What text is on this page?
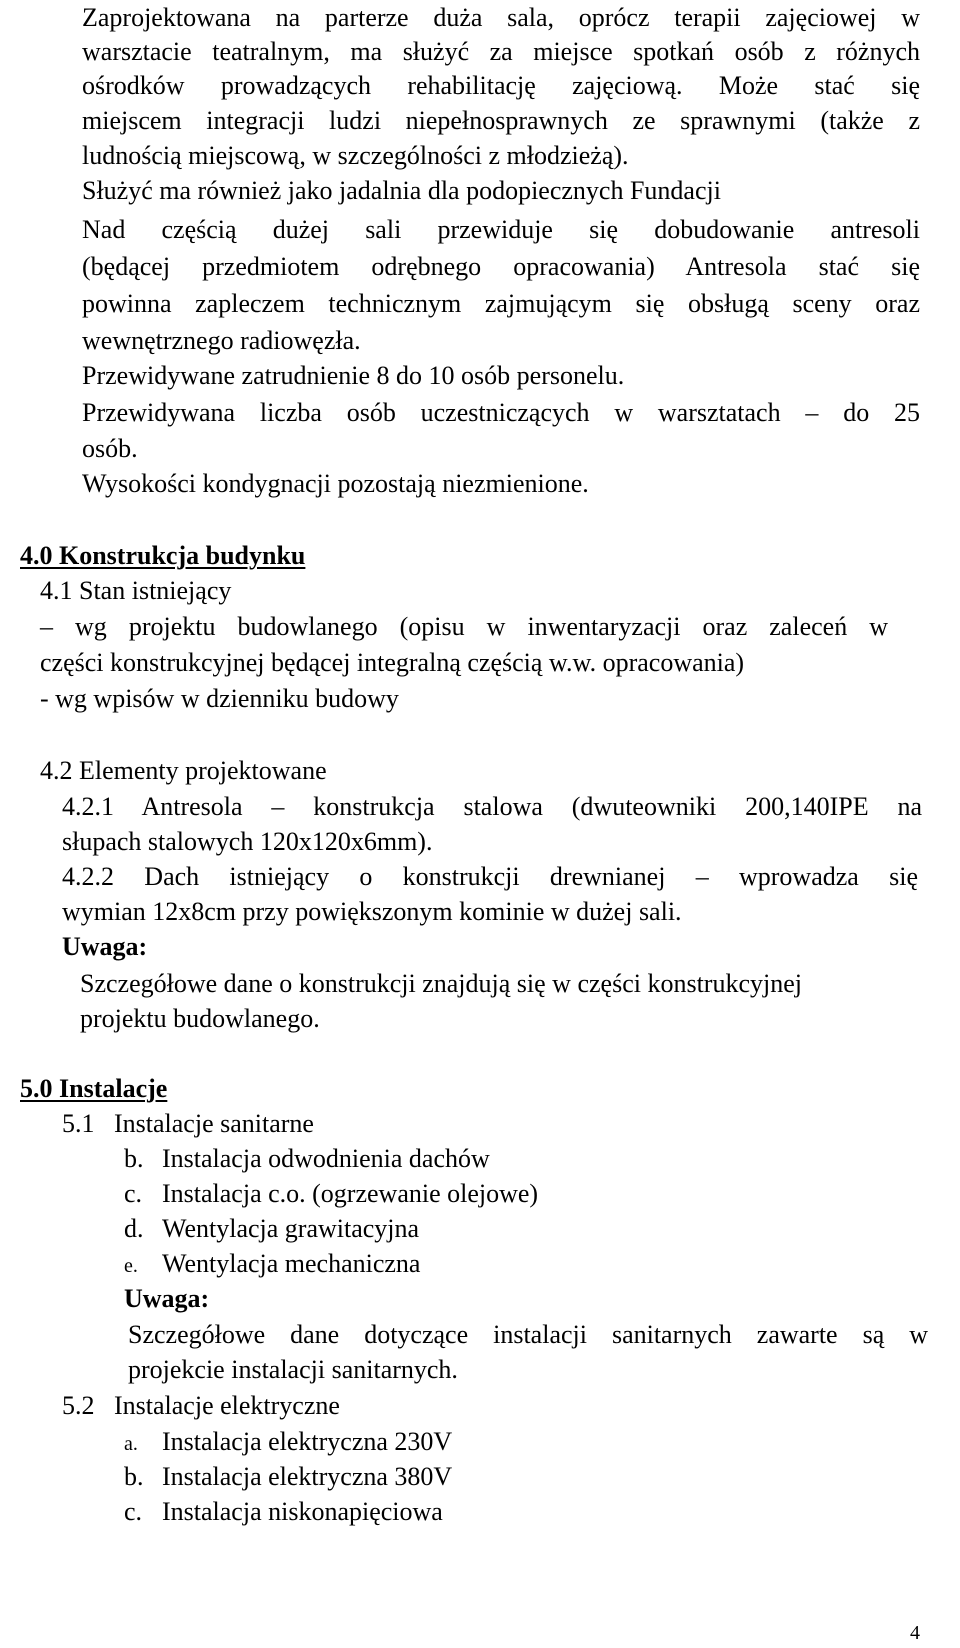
Zaprojektowana na parterze duża sala, oprócz terapii zajęciowej w
warsztacie teatralnym, ma służyć za miejsce spotkań osób z różnych
ośrodków prowadzących rehabilitację zajęciową. Może stać się
miejscem integracji ludzi niepełnosprawnych ze sprawnymi (także z
ludnością miejscową, w szczególności z młodzieżą).
Służyć ma również jako jadalnia dla podopiecznych Fundacji
Nad częścią dużej sali przewiduje się dobudowanie antresoli
(będącej przedmiotem odrębnego opracowania) Antresola stać się
powinna zapleczem technicznym zajmującym się obsługą sceny oraz
wewnętrznego radiowęzła.
Przewidywane zatrudnienie 8 do 10 osób personelu.
Przewidywana liczba osób uczestniczących w warsztatach – do 25
osób.
Wysokości kondygnacji pozostają niezmienione.
4.0 Konstrukcja budynku
4.1 Stan istniejący
– wg projektu budowlanego (opisu w inwentaryzacji oraz zaleceń w
części konstrukcyjnej będącej integralną częścią w.w. opracowania)
- wg wpisów w dzienniku budowy
4.2 Elementy projektowane
4.2.1 Antresola – konstrukcja stalowa (dwuteowniki 200,140IPE na
słupach stalowych 120x120x6mm).
4.2.2 Dach istniejący o konstrukcji drewnianej – wprowadza się
wymian 12x8cm przy powiększonym kominie w dużej sali.
Uwaga:
Szczegółowe dane o konstrukcji znajdują się w części konstrukcyjnej
projektu budowlanego.
5.0 Instalacje
5.1   Instalacje sanitarne
b. Instalacja odwodnienia dachów
c. Instalacja c.o. (ogrzewanie olejowe)
d. Wentylacja grawitacyjna
e. Wentylacja mechaniczna
Uwaga:
Szczegółowe dane dotyczące instalacji sanitarnych zawarte są w
projekcie instalacji sanitarnych.
5.2   Instalacje elektryczne
a. Instalacja elektryczna 230V
b. Instalacja elektryczna 380V
c. Instalacja niskonapięciowa
4
